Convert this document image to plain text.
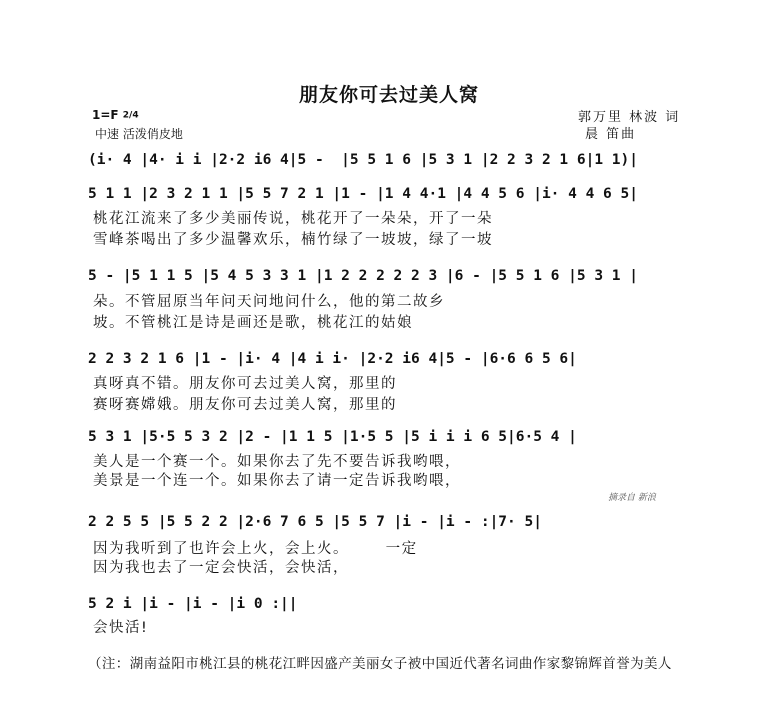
朋友你可去过美人窝
1=F 2/4
中速 活泼俏皮地
郭万里 林波 词
晨 笛曲
(i· 4 |4· i i |2·2 i6 4|5 -  |5 5 1 6 |5 3 1 |2 2 3 2 1 6|1 1)|
5 1 1 |2 3 2 1 1 |5 5 7 2 1 |1 - |1 4 4·1 |4 4 5 6 |i· 4 4 6 5|
桃花江流来了多少美丽传说，桃花开了一朵朵，开了一朵
雪峰茶喝出了多少温馨欢乐，楠竹绿了一坡坡，绿了一坡
5 - |5 1 1 5 |5 4 5 3 3 1 |1 2 2 2 2 2 3 |6 - |5 5 1 6 |5 3 1 |
朵。不管屈原当年问天问地问什么，他的第二故乡
坡。不管桃江是诗是画还是歌，桃花江的姑娘
2 2 3 2 1 6 |1 - |i· 4 |4 i i· |2·2 i6 4|5 - |6·6 6 5 6|
真呀真不错。朋友你可去过美人窝，那里的
赛呀赛嫦娥。朋友你可去过美人窝，那里的
5 3 1 |5·5 5 3 2 |2 - |1 1 5 |1·5 5 |5 i i i 6 5|6·5 4 |
美人是一个赛一个。如果你去了先不要告诉我哟喂，
美景是一个连一个。如果你去了请一定告诉我哟喂，
摘录自 新浪
2 2 5 5 |5 5 2 2 |2·6 7 6 5 |5 5 7 |i - |i - :|7· 5|
因为我听到了也许会上火，会上火。      一定
因为我也去了一定会快活，会快活，
5 2 i |i - |i - |i 0 :||
会快活!
（注：湖南益阳市桃江县的桃花江畔因盛产美丽女子被中国近代著名词曲作家黎锦辉首誉为美人
